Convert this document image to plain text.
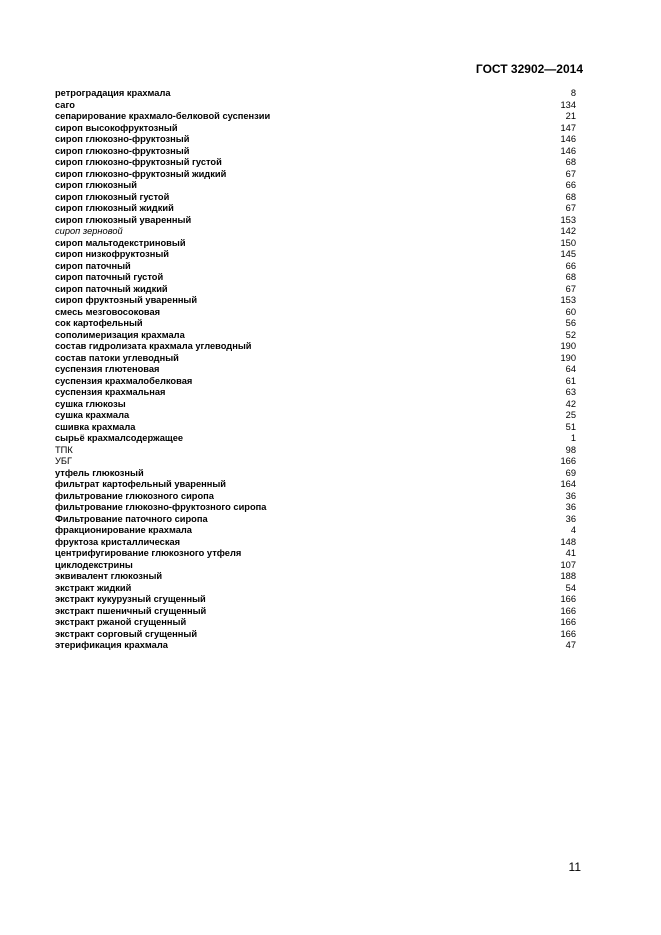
ГОСТ 32902—2014
ретроградация крахмала	8
саго	134
сепарирование крахмало-белковой суспензии	21
сироп высокофруктозный	147
сироп глюкозно-фруктозный	146
сироп глюкозно-фруктозный	146
сироп глюкозно-фруктозный густой	68
сироп глюкозно-фруктозный жидкий	67
сироп глюкозный	66
сироп глюкозный густой	68
сироп глюкозный жидкий	67
сироп глюкозный уваренный	153
сироп зерновой	142
сироп мальтодекстриновый	150
сироп низкофруктозный	145
сироп паточный	66
сироп паточный густой	68
сироп паточный жидкий	67
сироп фруктозный уваренный	153
смесь мезговосоковая	60
сок картофельный	56
сополимеризация крахмала	52
состав гидролизата крахмала углеводный	190
состав патоки углеводный	190
суспензия глютеновая	64
суспензия крахмалобелковая	61
суспензия крахмальная	63
сушка глюкозы	42
сушка крахмала	25
сшивка крахмала	51
сырьё крахмалсодержащее	1
ТПК	98
УБГ	166
утфель глюкозный	69
фильтрат картофельный уваренный	164
фильтрование глюкозного сиропа	36
фильтрование глюкозно-фруктозного сиропа	36
Фильтрование паточного сиропа	36
фракционирование крахмала	4
фруктоза кристаллическая	148
центрифугирование глюкозного утфеля	41
циклодекстрины	107
эквивалент глюкозный	188
экстракт жидкий	54
экстракт кукурузный сгущенный	166
экстракт пшеничный сгущенный	166
экстракт ржаной сгущенный	166
экстракт сорговый сгущенный	166
этерификация крахмала	47
11
